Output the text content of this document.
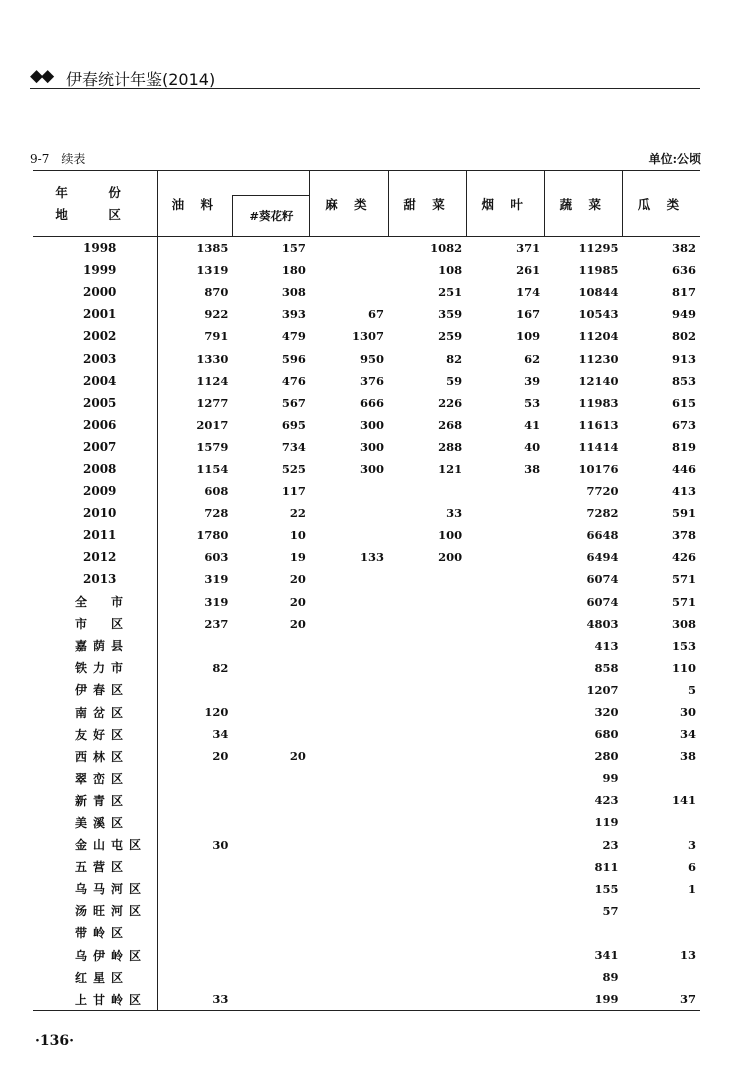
◆◆ 伊春统计年鉴(2014)
9-7　续表	单位:公顷
年　份
地　区	油 料	#葵花籽	麻 类	甜 菜	烟 叶	蔬 菜	瓜 类
1998	1385	157		1082	371	11295	382
1999	1319	180		108	261	11985	636
2000	870	308		251	174	10844	817
2001	922	393	67	359	167	10543	949
2002	791	479	1307	259	109	11204	802
2003	1330	596	950	82	62	11230	913
2004	1124	476	376	59	39	12140	853
2005	1277	567	666	226	53	11983	615
2006	2017	695	300	268	41	11613	673
2007	1579	734	300	288	40	11414	819
2008	1154	525	300	121	38	10176	446
2009	608	117				7720	413
2010	728	22		33		7282	591
2011	1780	10		100		6648	378
2012	603	19	133	200		6494	426
2013	319	20				6074	571
全　市	319	20				6074	571
市　区	237	20				4803	308
嘉荫县						413	153
铁力市	82					858	110
伊春区						1207	5
南岔区	120					320	30
友好区	34					680	34
西林区	20	20				280	38
翠峦区						99	
新青区						423	141
美溪区						119	
金山屯区	30					23	3
五营区						811	6
乌马河区						155	1
汤旺河区						57	
带岭区							
乌伊岭区						341	13
红星区						89	
上甘岭区	33					199	37
·136·
